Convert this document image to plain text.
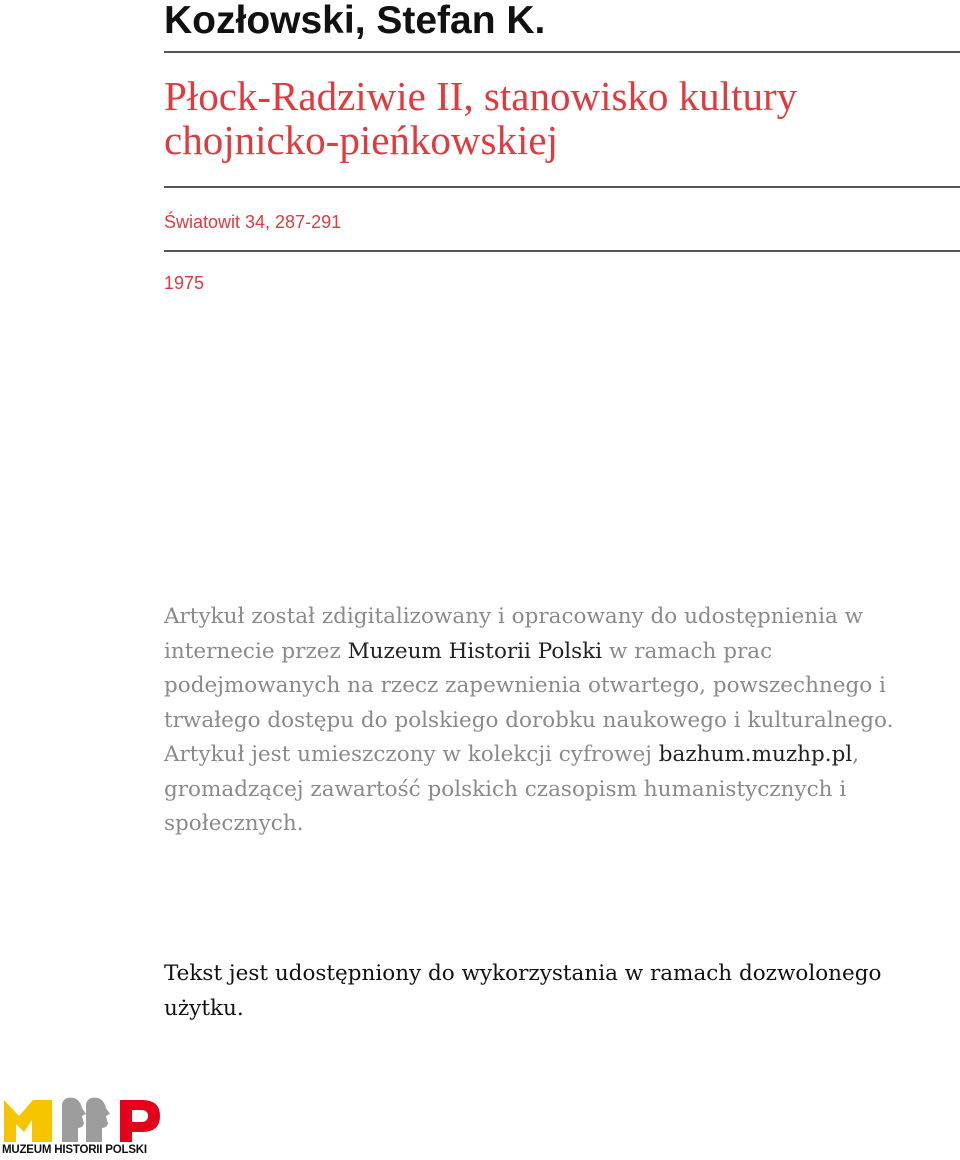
Kozłowski, Stefan K.
Płock-Radziwie II, stanowisko kultury chojnicko-pieńkowskiej
Światowit 34, 287-291
1975
Artykuł został zdigitalizowany i opracowany do udostępnienia w internecie przez Muzeum Historii Polski w ramach prac podejmowanych na rzecz zapewnienia otwartego, powszechnego i trwałego dostępu do polskiego dorobku naukowego i kulturalnego. Artykuł jest umieszczony w kolekcji cyfrowej bazhum.muzhp.pl, gromadzącej zawartość polskich czasopism humanistycznych i społecznych.
Tekst jest udostępniony do wykorzystania w ramach dozwolonego użytku.
MUZEUM HISTORII POLSKI
